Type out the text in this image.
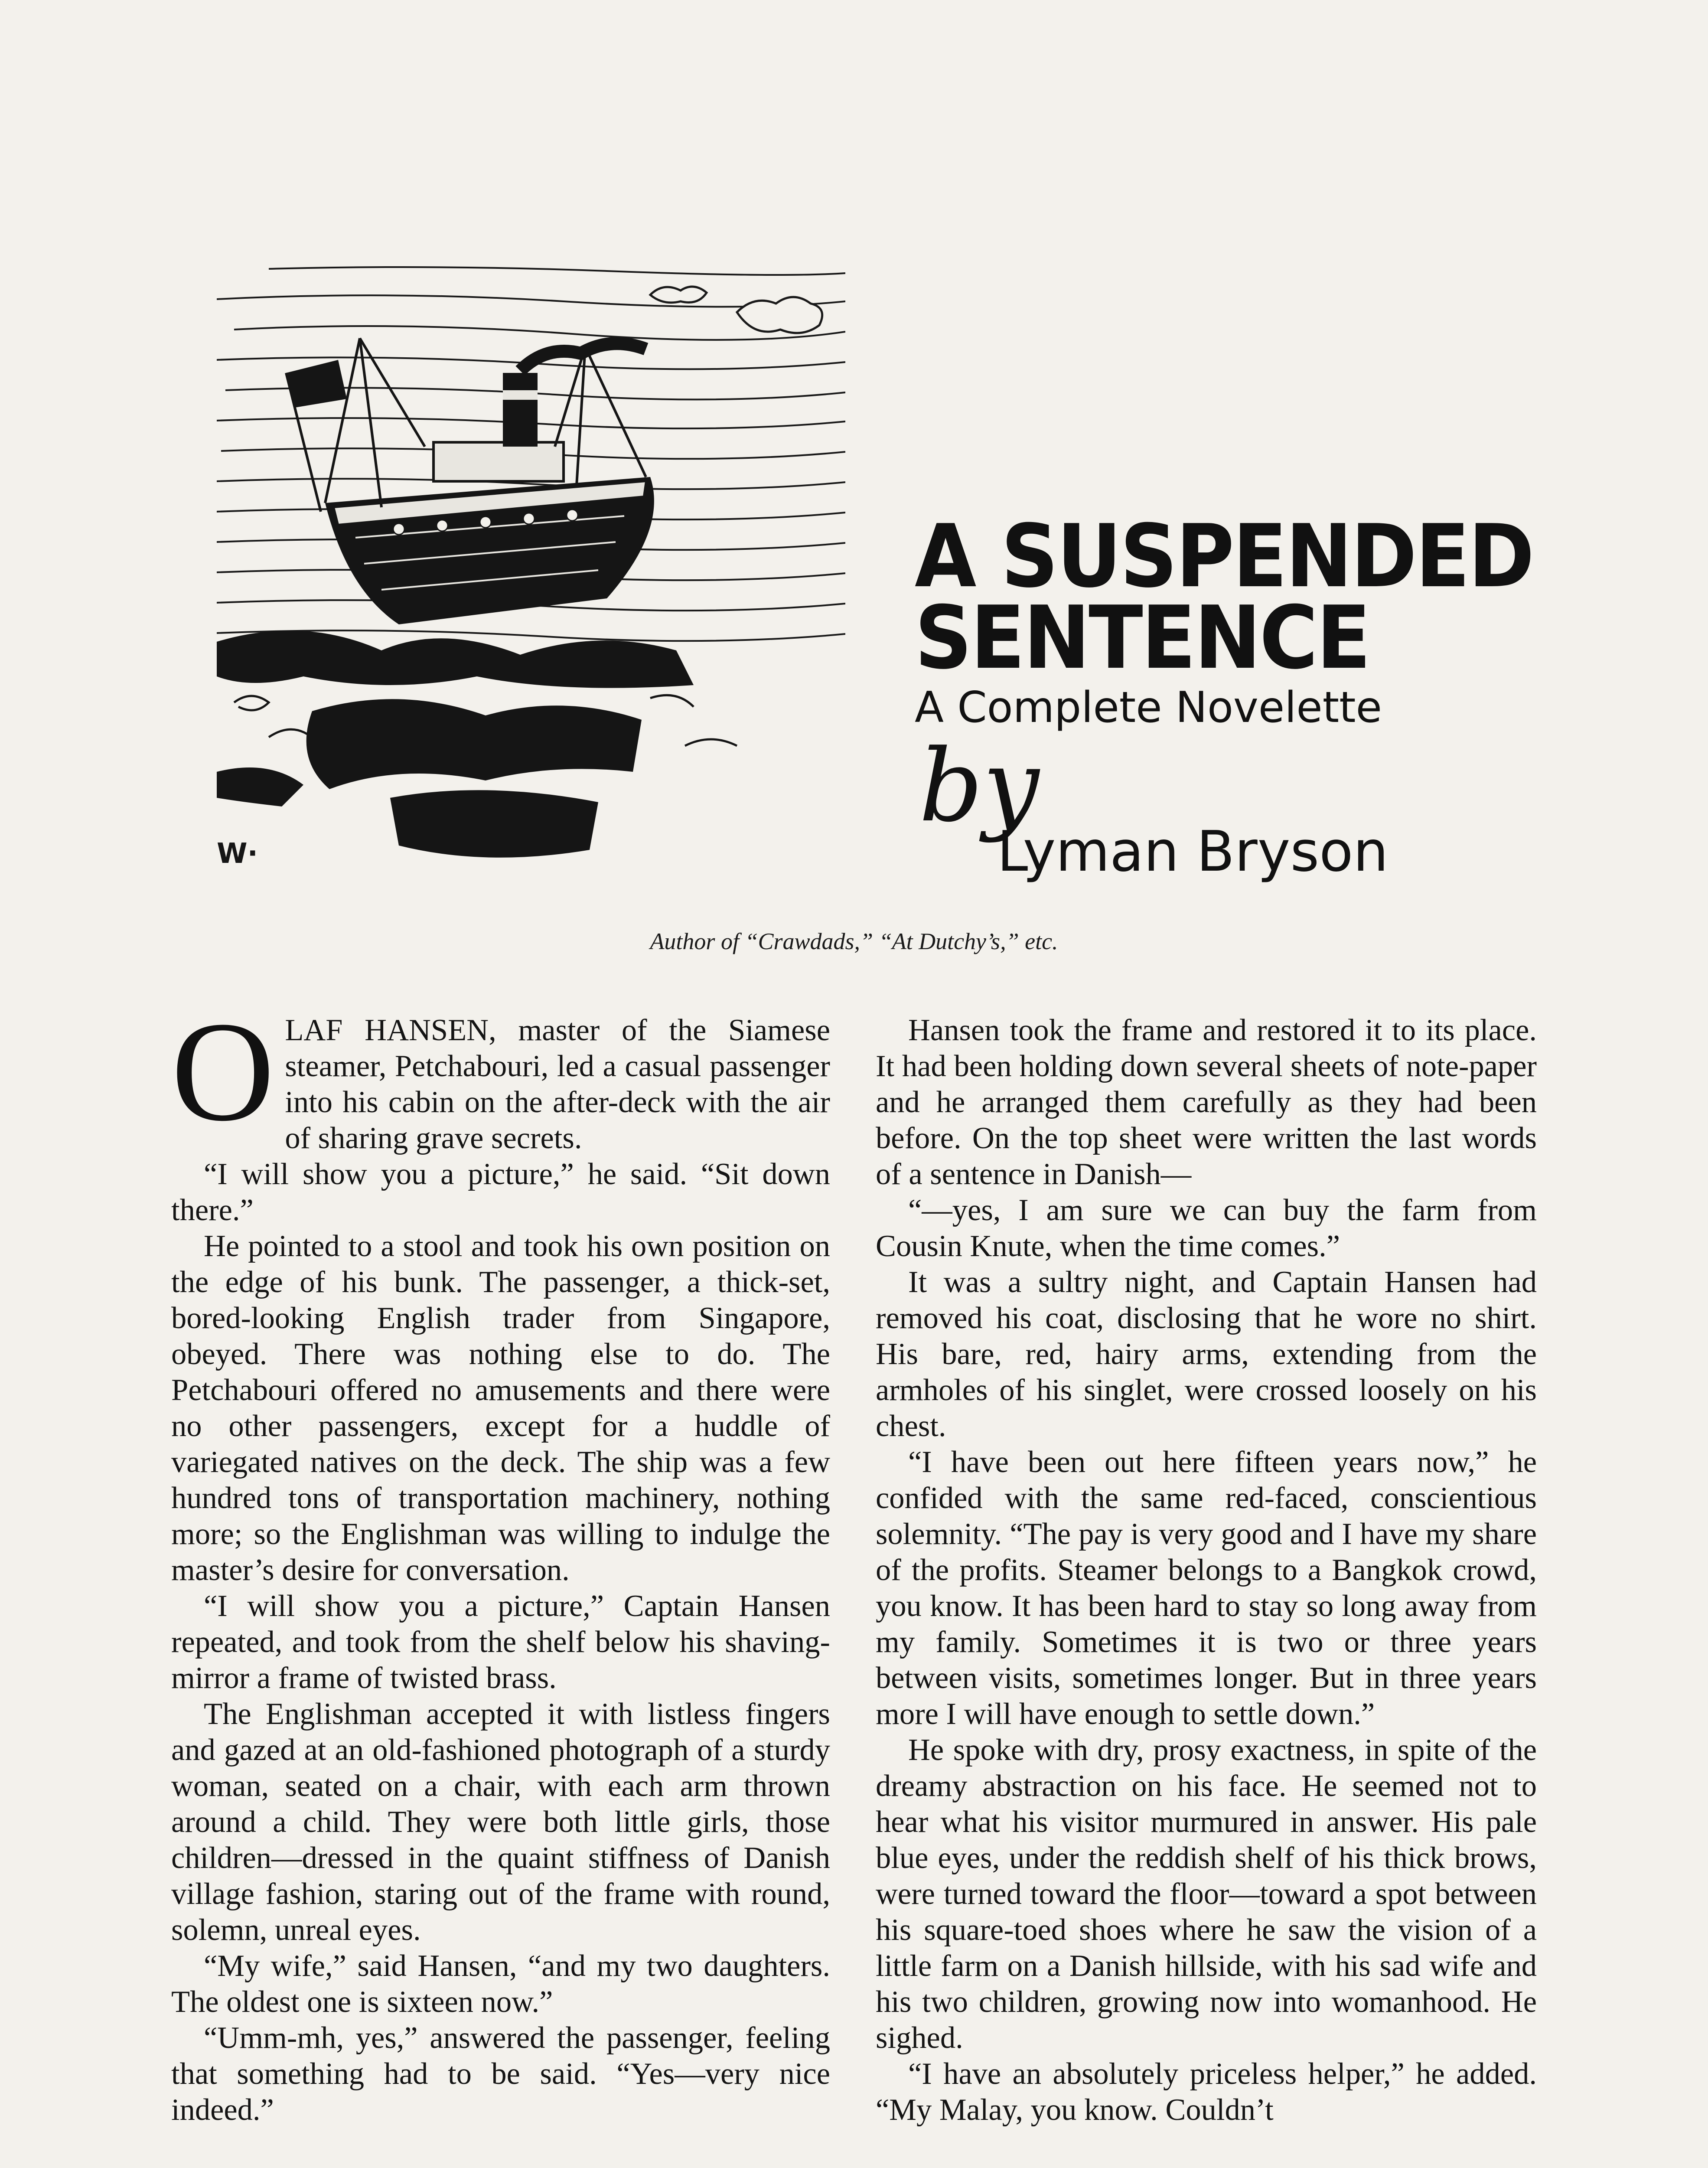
W·
A SUSPENDED
SENTENCE
A Complete Novelette
by
Lyman Bryson
Author of “Crawdads,” “At Dutchy’s,” etc.

OLAF HANSEN, master of the Siamese steamer, Petchabouri, led a casual passenger into his cabin on the after-deck with the air of sharing grave secrets.

“I will show you a picture,” he said. “Sit down there.”

He pointed to a stool and took his own position on the edge of his bunk. The passenger, a thick-set, bored-looking English trader from Singapore, obeyed. There was nothing else to do. The Petchabouri offered no amusements and there were no other passengers, except for a huddle of variegated natives on the deck. The ship was a few hundred tons of transportation machinery, nothing more; so the Englishman was willing to indulge the master’s desire for conversation.

“I will show you a picture,” Captain Hansen repeated, and took from the shelf below his shaving-mirror a frame of twisted brass.

The Englishman accepted it with listless fingers and gazed at an old-fashioned photograph of a sturdy woman, seated on a chair, with each arm thrown around a child. They were both little girls, those children—dressed in the quaint stiffness of Danish village fashion, staring out of the frame with round, solemn, unreal eyes.

“My wife,” said Hansen, “and my two daughters. The oldest one is sixteen now.”

“Umm-mh, yes,” answered the passenger, feeling that something had to be said. “Yes—very nice indeed.”

Hansen took the frame and restored it to its place. It had been holding down several sheets of note-paper and he arranged them carefully as they had been before. On the top sheet were written the last words of a sentence in Danish—

“—yes, I am sure we can buy the farm from Cousin Knute, when the time comes.”

It was a sultry night, and Captain Hansen had removed his coat, disclosing that he wore no shirt. His bare, red, hairy arms, extending from the armholes of his singlet, were crossed loosely on his chest.

“I have been out here fifteen years now,” he confided with the same red-faced, conscientious solemnity. “The pay is very good and I have my share of the profits. Steamer belongs to a Bangkok crowd, you know. It has been hard to stay so long away from my family. Sometimes it is two or three years between visits, sometimes longer. But in three years more I will have enough to settle down.”

He spoke with dry, prosy exactness, in spite of the dreamy abstraction on his face. He seemed not to hear what his visitor murmured in answer. His pale blue eyes, under the reddish shelf of his thick brows, were turned toward the floor—toward a spot between his square-toed shoes where he saw the vision of a little farm on a Danish hillside, with his sad wife and his two children, growing now into womanhood. He sighed.

“I have an absolutely priceless helper,” he added. “My Malay, you know. Couldn’t
